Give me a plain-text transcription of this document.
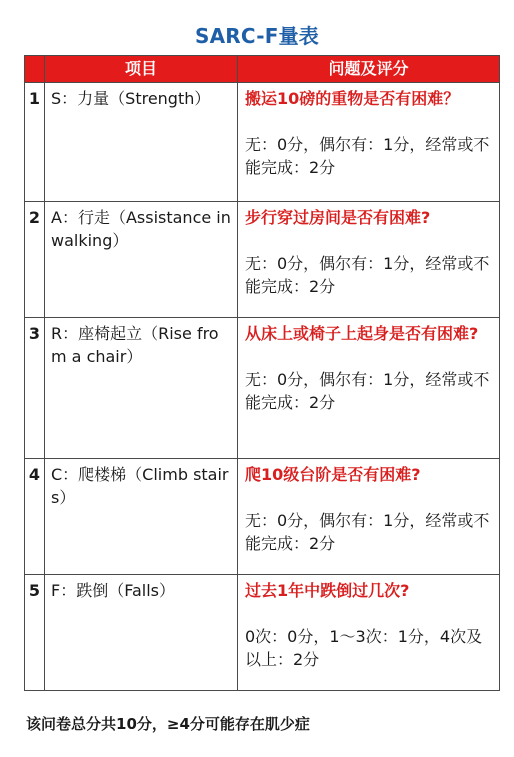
SARC-F量表
	项目	问题及评分
1	S：力量（Strength）	搬运10磅的重物是否有困难？
无：0分，偶尔有：1分，经常或不能完成：2分

2	A：行走（Assistance in walking）	步行穿过房间是否有困难?
无：0分，偶尔有：1分，经常或不能完成：2分

3	R：座椅起立（Rise from a chair）	从床上或椅子上起身是否有困难?
无：0分，偶尔有：1分，经常或不能完成：2分

4	C：爬楼梯（Climb stairs）	爬10级台阶是否有困难?
无：0分，偶尔有：1分，经常或不能完成：2分

5	F：跌倒（Falls）	过去1年中跌倒过几次?
0次：0分，1～3次：1分，4次及以上：2分
该问卷总分共10分，≥4分可能存在肌少症
